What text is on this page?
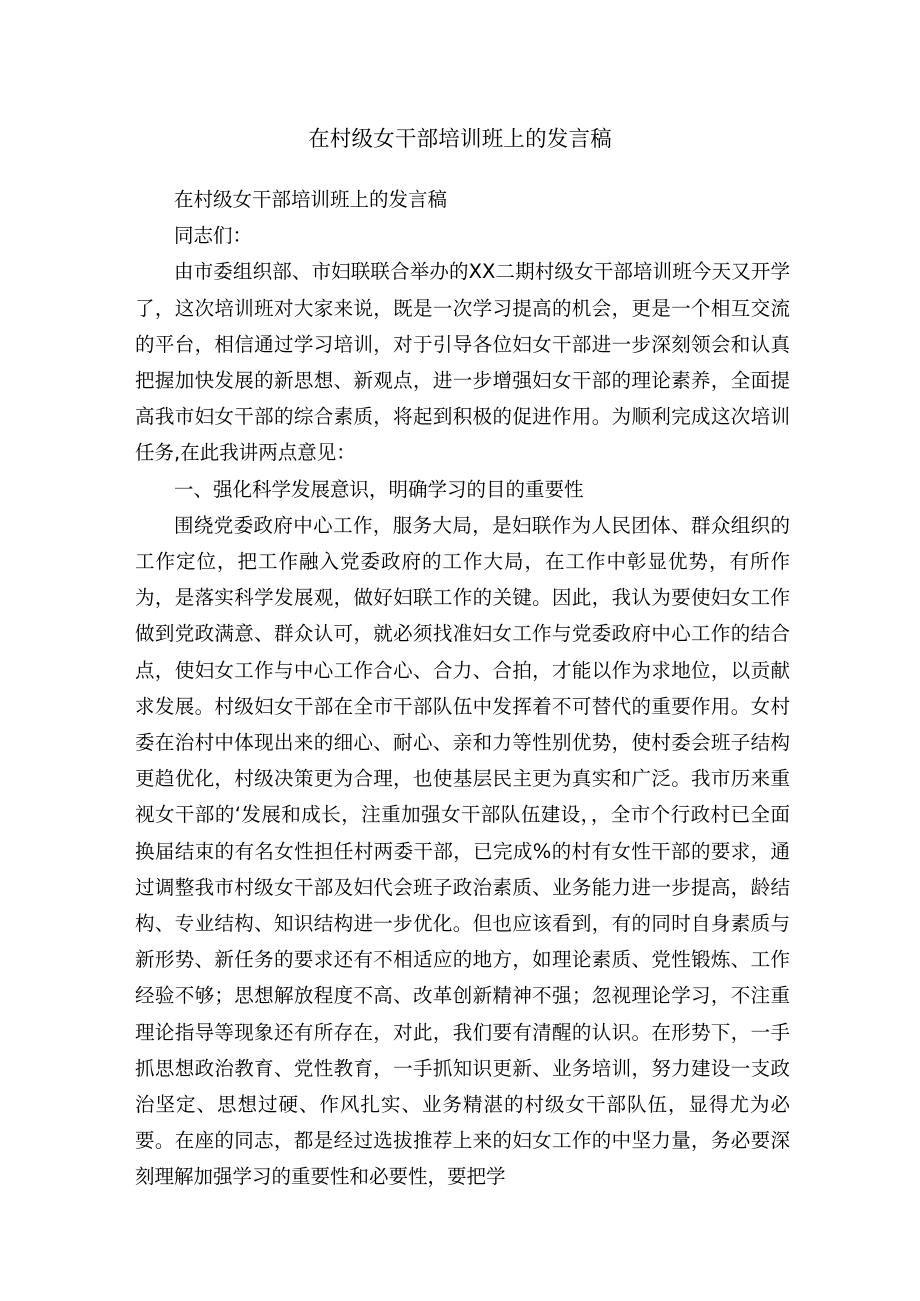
在村级女干部培训班上的发言稿

在村级女干部培训班上的发言稿

同志们：

由市委组织部、市妇联联合举办的XX二期村级女干部培训班今天又开学了，这次培训班对大家来说，既是一次学习提高的机会，更是一个相互交流的平台，相信通过学习培训，对于引导各位妇女干部进一步深刻领会和认真把握加快发展的新思想、新观点，进一步增强妇女干部的理论素养，全面提高我市妇女干部的综合素质，将起到积极的促进作用。为顺利完成这次培训任务,在此我讲两点意见：

一、强化科学发展意识，明确学习的目的重要性

围绕党委政府中心工作，服务大局，是妇联作为人民团体、群众组织的工作定位，把工作融入党委政府的工作大局，在工作中彰显优势，有所作为，是落实科学发展观，做好妇联工作的关键。因此，我认为要使妇女工作做到党政满意、群众认可，就必须找准妇女工作与党委政府中心工作的结合点，使妇女工作与中心工作合心、合力、合拍，才能以作为求地位，以贡献求发展。村级妇女干部在全市干部队伍中发挥着不可替代的重要作用。女村委在治村中体现出来的细心、耐心、亲和力等性别优势，使村委会班子结构更趋优化，村级决策更为合理，也使基层民主更为真实和广泛。我市历来重视女干部的‘发展和成长，注重加强女干部队伍建设，，全市个行政村已全面换届结束的有名女性担任村两委干部，已完成%的村有女性干部的要求，通过调整我市村级女干部及妇代会班子政治素质、业务能力进一步提高，龄结构、专业结构、知识结构进一步优化。但也应该看到，有的同时自身素质与新形势、新任务的要求还有不相适应的地方，如理论素质、党性锻炼、工作经验不够；思想解放程度不高、改革创新精神不强；忽视理论学习，不注重理论指导等现象还有所存在，对此，我们要有清醒的认识。在形势下，一手抓思想政治教育、党性教育，一手抓知识更新、业务培训，努力建设一支政治坚定、思想过硬、作风扎实、业务精湛的村级女干部队伍，显得尤为必要。在座的同志，都是经过选拔推荐上来的妇女工作的中坚力量，务必要深刻理解加强学习的重要性和必要性，要把学
